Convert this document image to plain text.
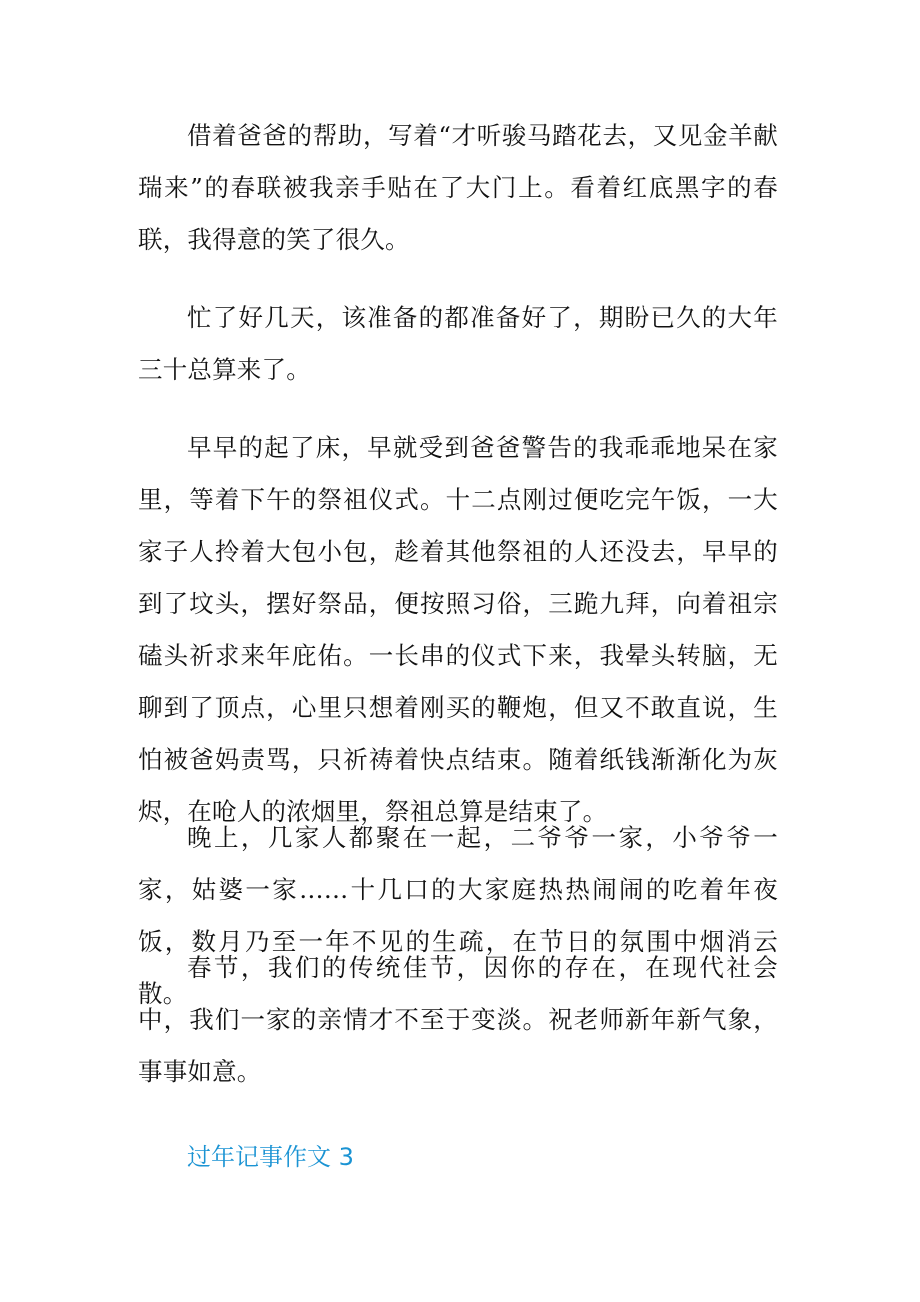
借着爸爸的帮助，写着“才听骏马踏花去，又见金羊献瑞来”的春联被我亲手贴在了大门上。看着红底黑字的春联，我得意的笑了很久。

忙了好几天，该准备的都准备好了，期盼已久的大年三十总算来了。

早早的起了床，早就受到爸爸警告的我乖乖地呆在家里，等着下午的祭祖仪式。十二点刚过便吃完午饭，一大家子人拎着大包小包，趁着其他祭祖的人还没去，早早的到了坟头，摆好祭品，便按照习俗，三跪九拜，向着祖宗磕头祈求来年庇佑。一长串的仪式下来，我晕头转脑，无聊到了顶点，心里只想着刚买的鞭炮，但又不敢直说，生怕被爸妈责骂，只祈祷着快点结束。随着纸钱渐渐化为灰烬，在呛人的浓烟里，祭祖总算是结束了。

晚上，几家人都聚在一起，二爷爷一家，小爷爷一家，姑婆一家……十几口的大家庭热热闹闹的吃着年夜饭，数月乃至一年不见的生疏，在节日的氛围中烟消云散。

春节，我们的传统佳节，因你的存在，在现代社会中，我们一家的亲情才不至于变淡。祝老师新年新气象，事事如意。

过年记事作文 3
